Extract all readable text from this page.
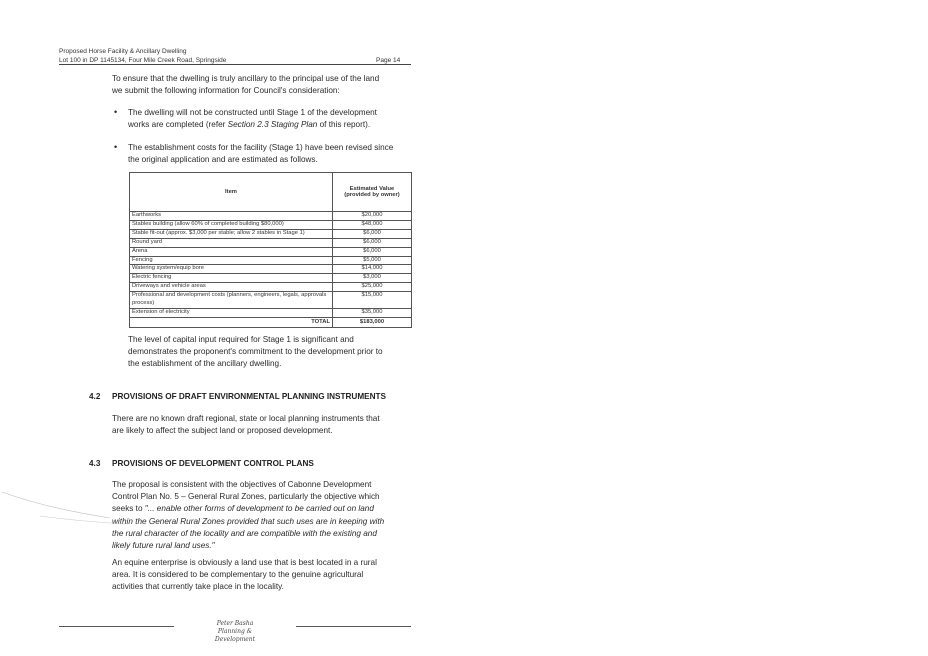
Proposed Horse Facility & Ancillary Dwelling
Lot 100 in DP 1145134, Four Mile Creek Road, Springside	Page 14
To ensure that the dwelling is truly ancillary to the principal use of the land
we submit the following information for Council's consideration:
• The dwelling will not be constructed until Stage 1 of the development
works are completed (refer Section 2.3 Staging Plan of this report).
• The establishment costs for the facility (Stage 1) have been revised since
the original application and are estimated as follows.
Item	Estimated Value
(provided by owner)

Earthworks	$20,000
Stables building (allow 60% of completed building $80,000)	$48,000
Stable fit-out (approx. $3,000 per stable; allow 2 stables in Stage 1)	$6,000
Round yard	$6,000
Arena	$6,000
Fencing	$5,000
Watering system/equip bore	$14,000
Electric fencing	$3,000
Driveways and vehicle areas	$25,000
Professional and development costs (planners, engineers, legals, approvals process)	$15,000
Extension of electricity	$35,000
TOTAL	$183,000
The level of capital input required for Stage 1 is significant and
demonstrates the proponent's commitment to the development prior to
the establishment of the ancillary dwelling.
4.2 PROVISIONS OF DRAFT ENVIRONMENTAL PLANNING INSTRUMENTS
There are no known draft regional, state or local planning instruments that
are likely to affect the subject land or proposed development.
4.3 PROVISIONS OF DEVELOPMENT CONTROL PLANS
The proposal is consistent with the objectives of Cabonne Development
Control Plan No. 5 – General Rural Zones, particularly the objective which
seeks to "... enable other forms of development to be carried out on land
within the General Rural Zones provided that such uses are in keeping with
the rural character of the locality and are compatible with the existing and
likely future rural land uses."
An equine enterprise is obviously a land use that is best located in a rural
area. It is considered to be complementary to the genuine agricultural
activities that currently take place in the locality.
Peter Basha
Planning & Development
